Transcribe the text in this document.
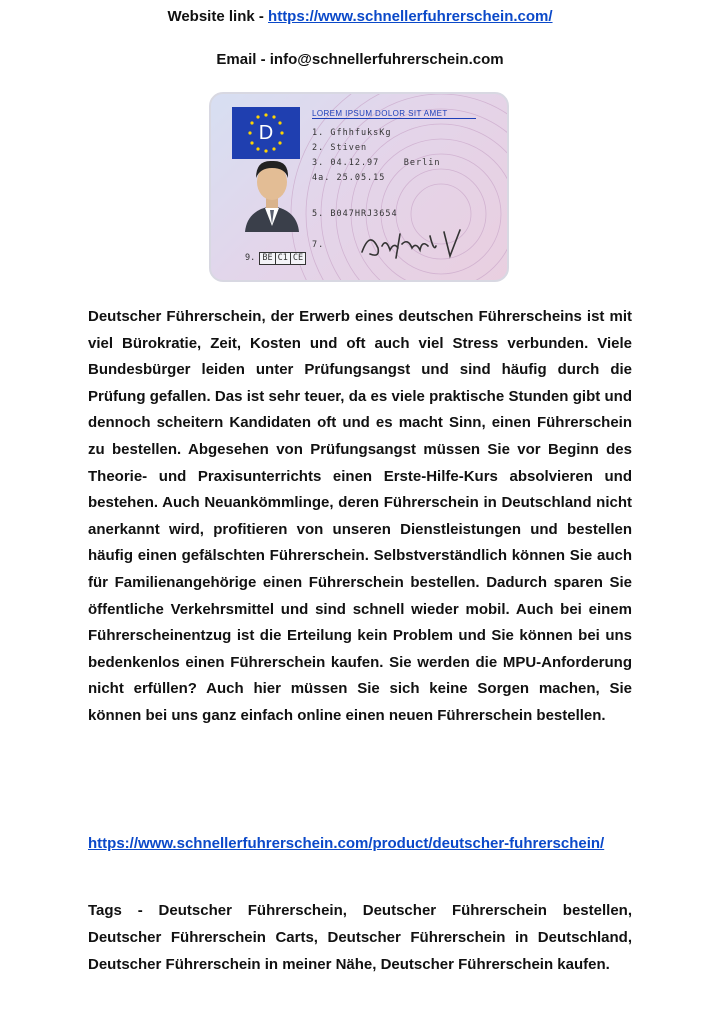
Website link - https://www.schnellerfuhrerschein.com/
Email - info@schnellerfuhrerschein.com
D
LOREM IPSUM DOLOR SIT AMET
1. GfhhfuksKg
2. Stiven
3. 04.12.97    Berlin
4a. 25.05.15
5. B047HRJ3654
7.
9. BE C1 CE

Deutscher Führerschein, der Erwerb eines deutschen Führerscheins ist mit viel Bürokratie, Zeit, Kosten und oft auch viel Stress verbunden. Viele Bundesbürger leiden unter Prüfungsangst und sind häufig durch die Prüfung gefallen. Das ist sehr teuer, da es viele praktische Stunden gibt und dennoch scheitern Kandidaten oft und es macht Sinn, einen Führerschein zu bestellen. Abgesehen von Prüfungsangst müssen Sie vor Beginn des Theorie- und Praxisunterrichts einen Erste-Hilfe-Kurs absolvieren und bestehen. Auch Neuankömmlinge, deren Führerschein in Deutschland nicht anerkannt wird, profitieren von unseren Dienstleistungen und bestellen häufig einen gefälschten Führerschein. Selbstverständlich können Sie auch für Familienangehörige einen Führerschein bestellen. Dadurch sparen Sie öffentliche Verkehrsmittel und sind schnell wieder mobil. Auch bei einem Führerscheinentzug ist die Erteilung kein Problem und Sie können bei uns bedenkenlos einen Führerschein kaufen. Sie werden die MPU-Anforderung nicht erfüllen? Auch hier müssen Sie sich keine Sorgen machen, Sie können bei uns ganz einfach online einen neuen Führerschein bestellen.

https://www.schnellerfuhrerschein.com/product/deutscher-fuhrerschein/

Tags - Deutscher Führerschein, Deutscher Führerschein bestellen, Deutscher Führerschein Carts, Deutscher Führerschein in Deutschland, Deutscher Führerschein in meiner Nähe, Deutscher Führerschein kaufen.
